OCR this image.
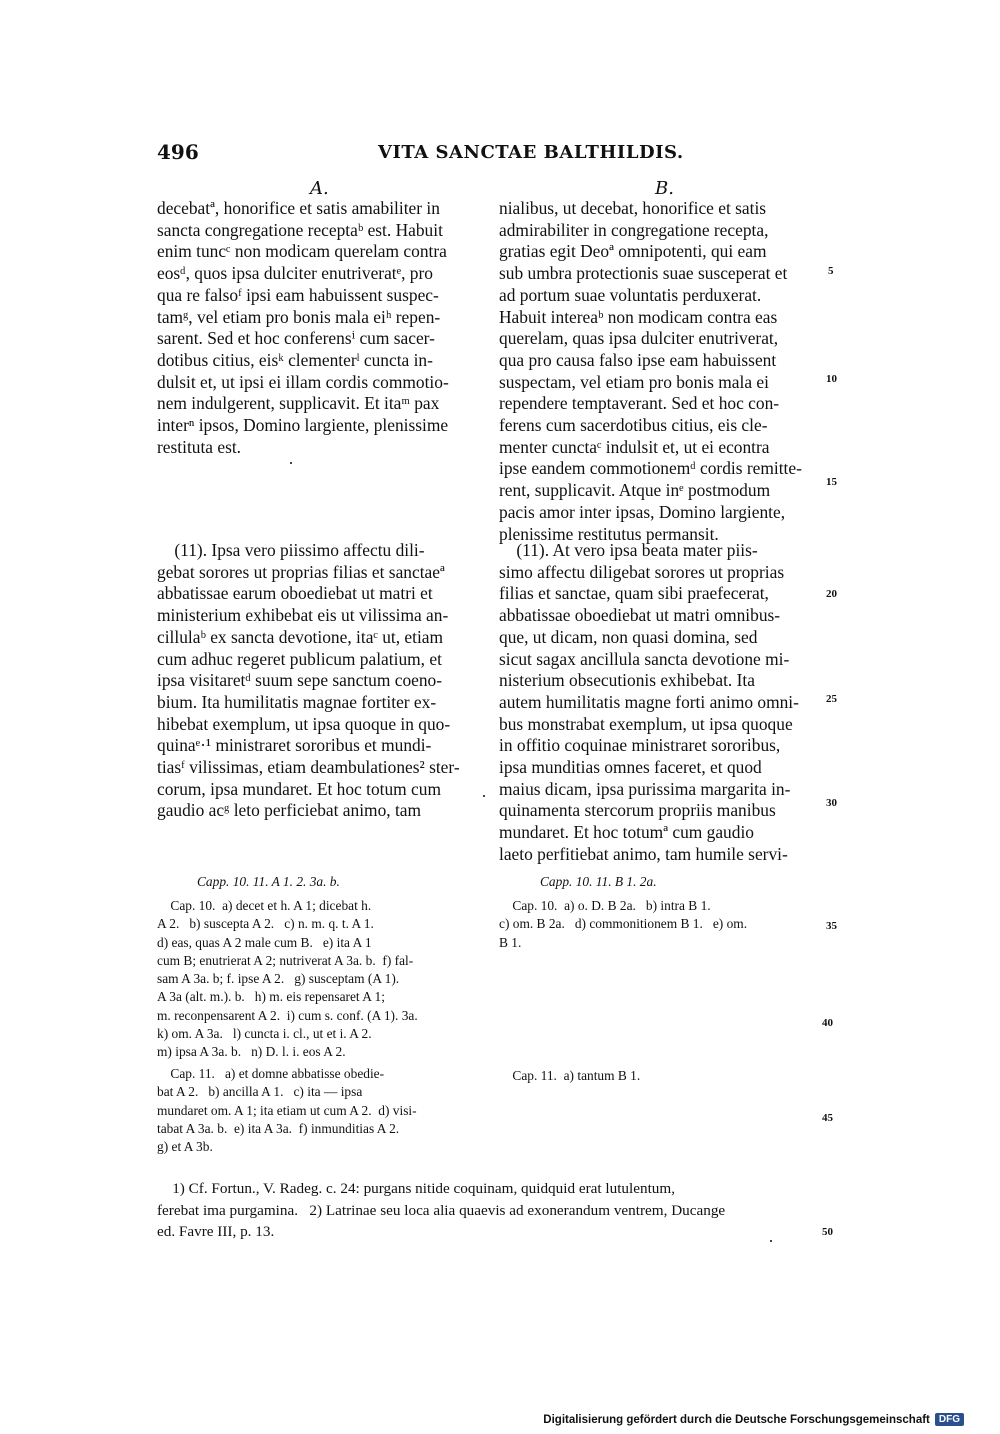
496	VITA SANCTAE BALTHILDIS.
A.	B.
decebatª, honorifice et satis amabiliter in
sancta congregatione receptaᵇ est. Habuit
enim tuncᶜ non modicam querelam contra
eosᵈ, quos ipsa dulciter enutriveratᵉ, pro
qua re falsoᶠ ipsi eam habuissent suspec-
tamᵍ, vel etiam pro bonis mala eiʰ repen-
sarent. Sed et hoc conferensⁱ cum sacer-
dotibus citius, eisᵏ clementerˡ cuncta in-
dulsit et, ut ipsi ei illam cordis commotio-
nem indulgerent, supplicavit. Et itaᵐ pax
interⁿ ipsos, Domino largiente, plenissime
restituta est.
nialibus, ut decebat, honorifice et satis
admirabiliter in congregatione recepta,
gratias egit Deoª omnipotenti, qui eam
sub umbra protectionis suae susceperat et
ad portum suae voluntatis perduxerat.
Habuit intereaᵇ non modicam contra eas
querelam, quas ipsa dulciter enutriverat,
qua pro causa falso ipse eam habuissent
suspectam, vel etiam pro bonis mala ei
rependere temptaverant. Sed et hoc con-
ferens cum sacerdotibus citius, eis cle-
menter cunctaᶜ indulsit et, ut ei econtra
ipse eandem commotionemᵈ cordis remitte-
rent, supplicavit. Atque inᵉ postmodum
pacis amor inter ipsas, Domino largiente,
plenissime restitutus permansit.
(11). Ipsa vero piissimo affectu dili-
gebat sorores ut proprias filias et sanctaeª
abbatissae earum oboediebat ut matri et
ministerium exhibebat eis ut vilissima an-
cillulaᵇ ex sancta devotione, itaᶜ ut, etiam
cum adhuc regeret publicum palatium, et
ipsa visitaretᵈ suum sepe sanctum coeno-
bium. Ita humilitatis magnae fortiter ex-
hibebat exemplum, ut ipsa quoque in quo-
quinaᵉ·¹ ministraret sororibus et mundi-
tiasᶠ vilissimas, etiam deambulationes² ster-
corum, ipsa mundaret. Et hoc totum cum
gaudio acᵍ leto perficiebat animo, tam
(11). At vero ipsa beata mater piis-
simo affectu diligebat sorores ut proprias
filias et sanctae, quam sibi praefecerat,
abbatissae oboediebat ut matri omnibus-
que, ut dicam, non quasi domina, sed
sicut sagax ancillula sancta devotione mi-
nisterium obsecutionis exhibebat. Ita
autem humilitatis magne forti animo omni-
bus monstrabat exemplum, ut ipsa quoque
in offitio coquinae ministraret sororibus,
ipsa munditias omnes faceret, et quod
maius dicam, ipsa purissima margarita in-
quinamenta stercorum propriis manibus
mundaret. Et hoc totumª cum gaudio
laeto perfitiebat animo, tam humile servi-
5
10
15
20
25
30
35
40
45
50
Capp. 10. 11. A 1. 2. 3a. b.
Cap. 10.  a) decet et h. A 1; dicebat h.
A 2.   b) suscepta A 2.   c) n. m. q. t. A 1.
d) eas, quas A 2 male cum B.   e) ita A 1
cum B; enutrierat A 2; nutriverat A 3a. b.  f) fal-
sam A 3a. b; f. ipse A 2.   g) susceptam (A 1).
A 3a (alt. m.). b.   h) m. eis repensaret A 1;
m. reconpensarent A 2.  i) cum s. conf. (A 1). 3a.
k) om. A 3a.   l) cuncta i. cl., ut et i. A 2.
m) ipsa A 3a. b.   n) D. l. i. eos A 2.
Cap. 11.   a) et domne abbatisse obedie-
bat A 2.   b) ancilla A 1.   c) ita — ipsa
mundaret om. A 1; ita etiam ut cum A 2.  d) visi-
tabat A 3a. b.  e) ita A 3a.  f) inmunditias A 2.
g) et A 3b.
Capp. 10. 11. B 1. 2a.
Cap. 10.  a) o. D. B 2a.   b) intra B 1.
c) om. B 2a.   d) commonitionem B 1.   e) om.
B 1.
Cap. 11.  a) tantum B 1.
1) Cf. Fortun., V. Radeg. c. 24: purgans nitide coquinam, quidquid erat lutulentum,
ferebat ima purgamina.   2) Latrinae seu loca alia quaevis ad exonerandum ventrem, Ducange
ed. Favre III, p. 13.
Digitalisierung gefördert durch die Deutsche Forschungsgemeinschaft DFG
